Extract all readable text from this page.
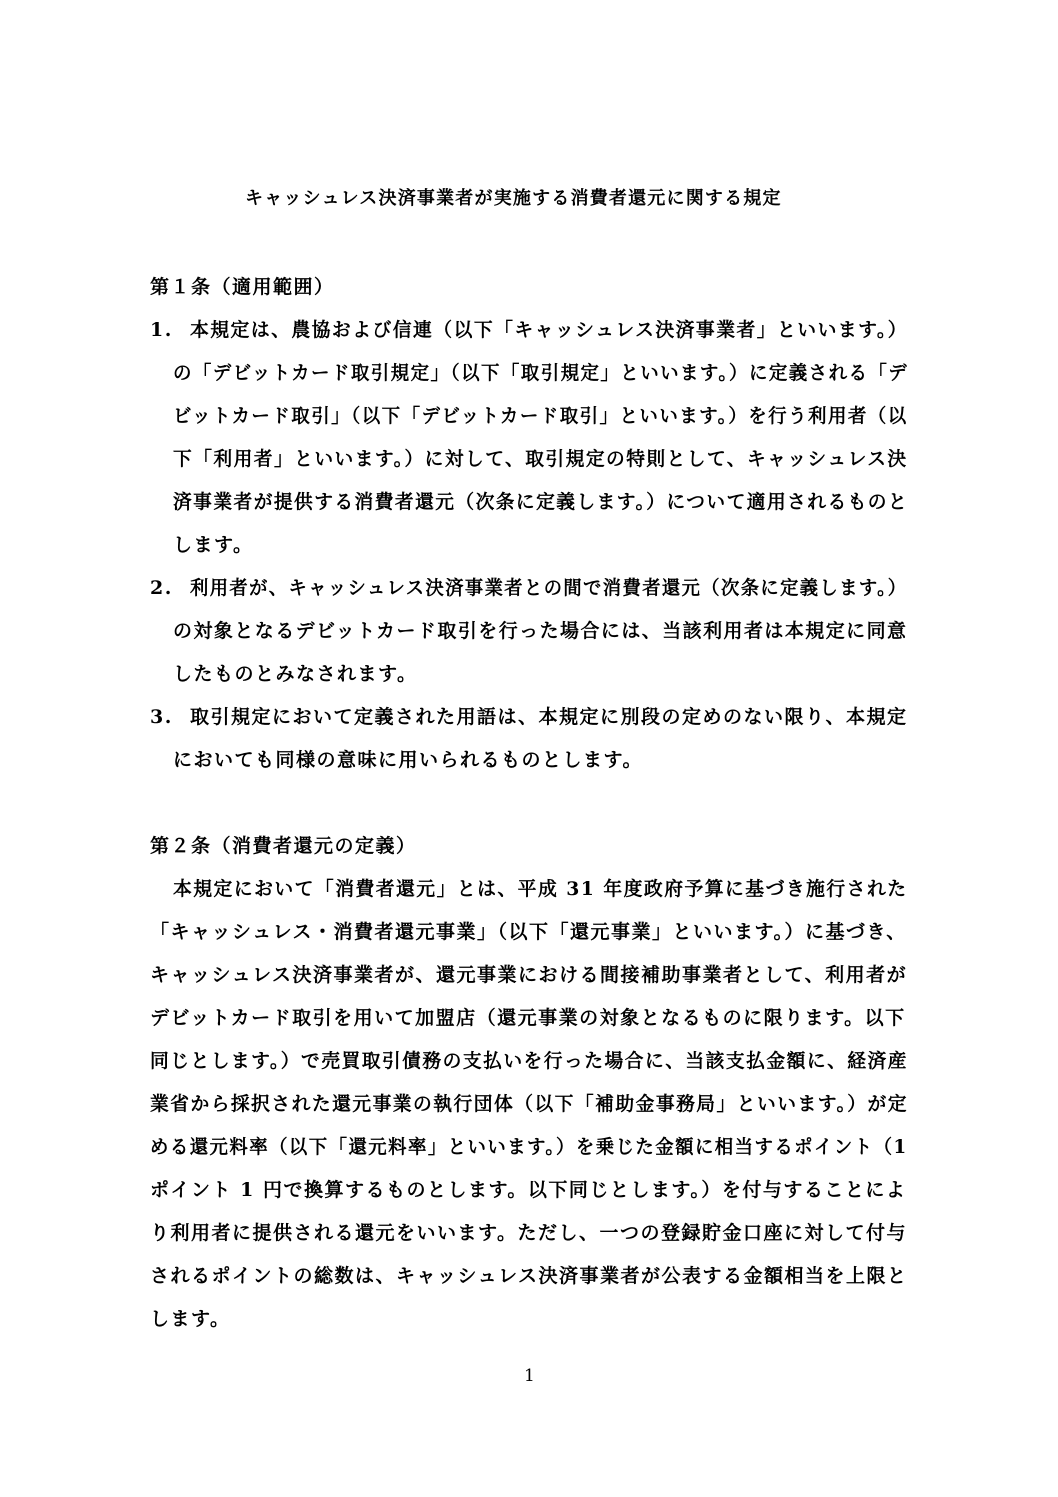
キャッシュレス決済事業者が実施する消費者還元に関する規定
第１条（適用範囲）
1. 本規定は、農協および信連（以下「キャッシュレス決済事業者」といいます。）
の「デビットカード取引規定」（以下「取引規定」といいます。）に定義される「デ
ビットカード取引」（以下「デビットカード取引」といいます。）を行う利用者（以
下「利用者」といいます。）に対して、取引規定の特則として、キャッシュレス決
済事業者が提供する消費者還元（次条に定義します。）について適用されるものと
します。
2. 利用者が、キャッシュレス決済事業者との間で消費者還元（次条に定義します。）
の対象となるデビットカード取引を行った場合には、当該利用者は本規定に同意
したものとみなされます。
3. 取引規定において定義された用語は、本規定に別段の定めのない限り、本規定
においても同様の意味に用いられるものとします。
第２条（消費者還元の定義）
本規定において「消費者還元」とは、平成 31 年度政府予算に基づき施行された
「キャッシュレス・消費者還元事業」（以下「還元事業」といいます。）に基づき、
キャッシュレス決済事業者が、還元事業における間接補助事業者として、利用者が
デビットカード取引を用いて加盟店（還元事業の対象となるものに限ります。以下
同じとします。）で売買取引債務の支払いを行った場合に、当該支払金額に、経済産
業省から採択された還元事業の執行団体（以下「補助金事務局」といいます。）が定
める還元料率（以下「還元料率」といいます。）を乗じた金額に相当するポイント（1
ポイント 1 円で換算するものとします。以下同じとします。）を付与することによ
り利用者に提供される還元をいいます。ただし、一つの登録貯金口座に対して付与
されるポイントの総数は、キャッシュレス決済事業者が公表する金額相当を上限と
します。
1
